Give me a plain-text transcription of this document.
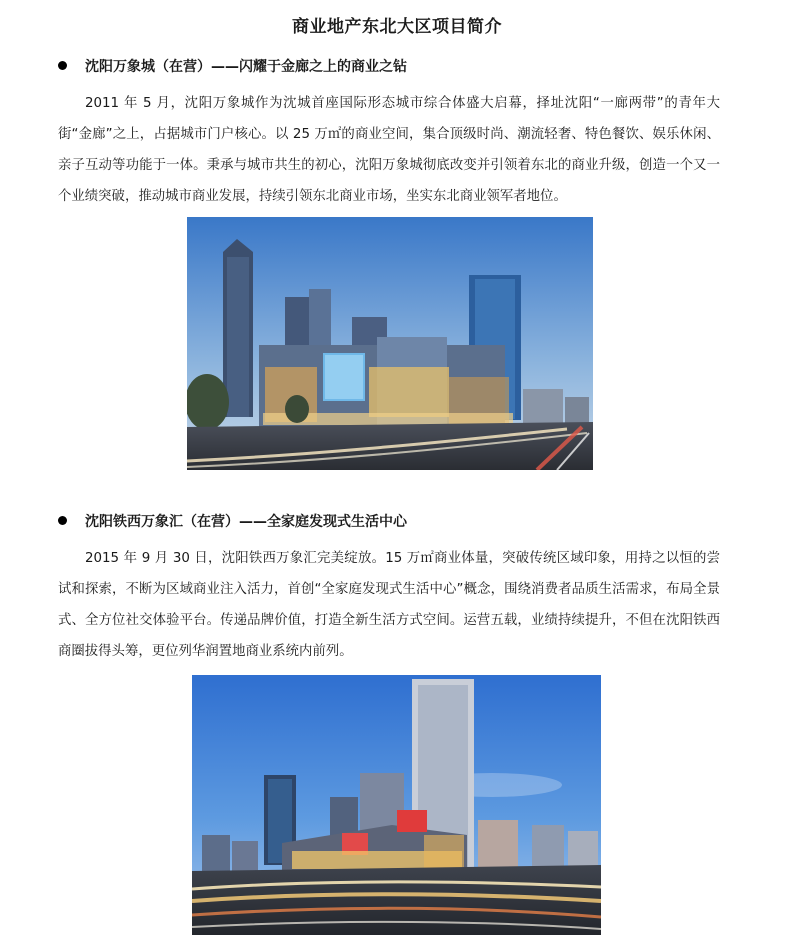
商业地产东北大区项目简介
沈阳万象城（在营）——闪耀于金廊之上的商业之钻

2011 年 5 月，沈阳万象城作为沈城首座国际形态城市综合体盛大启幕，择址沈阳“一廊两带”的青年大街“金廊”之上，占据城市门户核心。以 25 万㎡的商业空间，集合顶级时尚、潮流轻奢、特色餐饮、娱乐休闲、亲子互动等功能于一体。秉承与城市共生的初心，沈阳万象城彻底改变并引领着东北的商业升级，创造一个又一个业绩突破，推动城市商业发展，持续引领东北商业市场，坐实东北商业领军者地位。

沈阳铁西万象汇（在营）——全家庭发现式生活中心

2015 年 9 月 30 日，沈阳铁西万象汇完美绽放。15 万㎡商业体量，突破传统区域印象，用持之以恒的尝试和探索，不断为区域商业注入活力，首创“全家庭发现式生活中心”概念，围绕消费者品质生活需求，布局全景式、全方位社交体验平台。传递品牌价值，打造全新生活方式空间。运营五载，业绩持续提升，不但在沈阳铁西商圈拔得头筹，更位列华润置地商业系统内前列。
